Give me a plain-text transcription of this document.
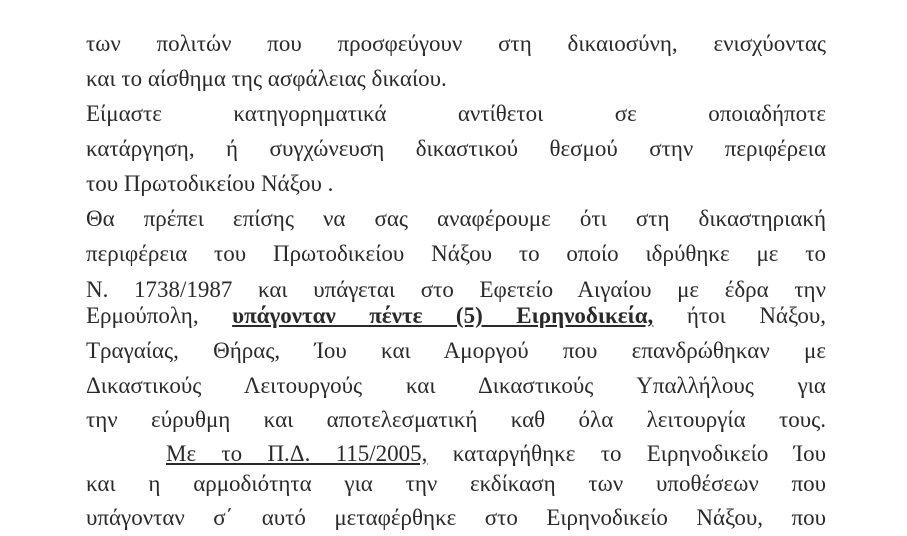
των πολιτών που προσφεύγουν στη δικαιοσύνη, ενισχύοντας
και το αίσθημα της ασφάλειας δικαίου.
Είμαστε κατηγορηματικά αντίθετοι σε οποιαδήποτε
κατάργηση, ή συγχώνευση δικαστικού θεσμού στην περιφέρεια
του Πρωτοδικείου Νάξου .
Θα πρέπει επίσης να σας αναφέρουμε ότι στη δικαστηριακή
περιφέρεια του Πρωτοδικείου Νάξου το οποίο ιδρύθηκε με το
Ν. 1738/1987 και υπάγεται στο Εφετείο Αιγαίου με έδρα την
Ερμούπολη, υπάγονταν πέντε (5) Ειρηνοδικεία, ήτοι Νάξου,
Τραγαίας, Θήρας, Ίου και Αμοργού που επανδρώθηκαν με
Δικαστικούς Λειτουργούς και Δικαστικούς Υπαλλήλους για
την εύρυθμη και αποτελεσματική καθ όλα λειτουργία τους.
Με το Π.Δ. 115/2005, καταργήθηκε το Ειρηνοδικείο Ίου
και η αρμοδιότητα για την εκδίκαση των υποθέσεων που
υπάγονταν σ΄ αυτό μεταφέρθηκε στο Ειρηνοδικείο Νάξου, που
